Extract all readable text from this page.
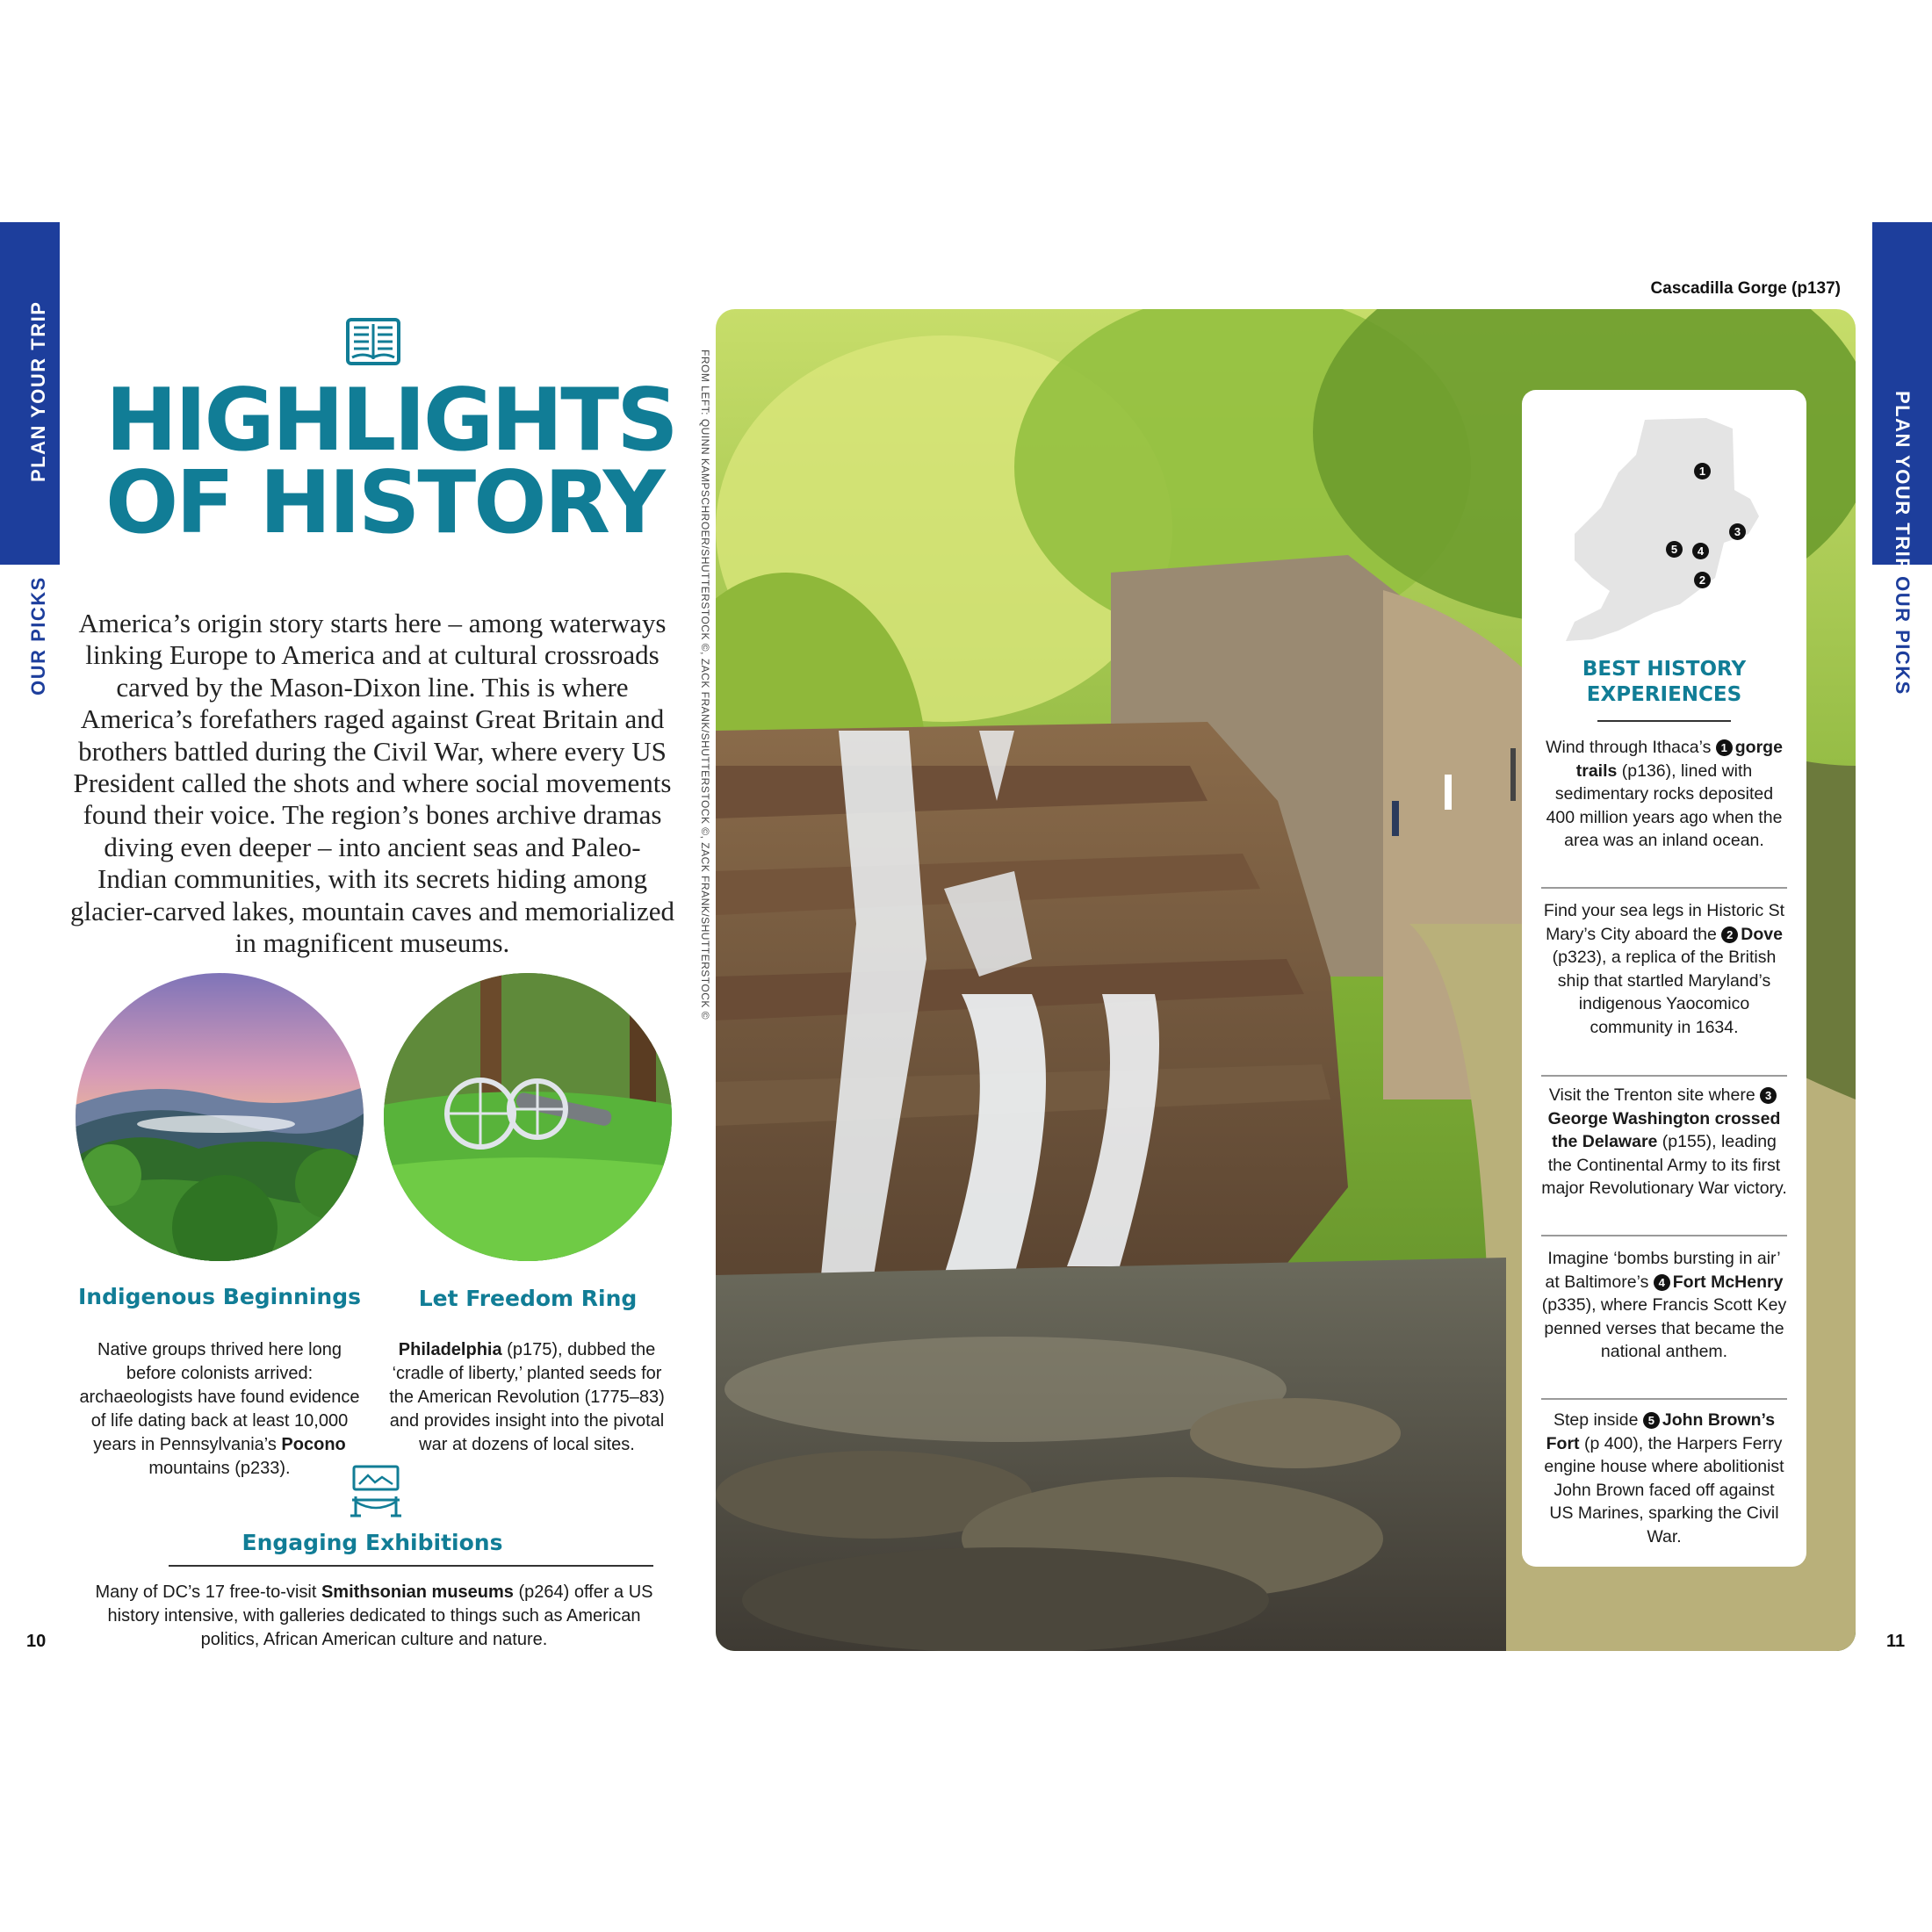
PLAN YOUR TRIP
OUR PICKS
PLAN YOUR TRIP
OUR PICKS
HIGHLIGHTS
OF HISTORY

America’s origin story starts here – among waterways linking Europe to America and at cultural crossroads carved by the Mason-Dixon line. This is where America’s forefathers raged against Great Britain and brothers battled during the Civil War, where every US President called the shots and where social movements found their voice. The region’s bones archive dramas diving even deeper – into ancient seas and Paleo-Indian communities, with its secrets hiding among glacier-carved lakes, mountain caves and memorialized in magnificent museums.

Indigenous Beginnings

Native groups thrived here long before colonists arrived: archaeologists have found evidence of life dating back at least 10,000 years in Pennsylvania’s Pocono mountains (p233).

Let Freedom Ring

Philadelphia (p175), dubbed the ‘cradle of liberty,’ planted seeds for the American Revolution (1775–83) and provides insight into the pivotal war at dozens of local sites.

Engaging Exhibitions

Many of DC’s 17 free-to-visit Smithsonian museums (p264) offer a US history intensive, with galleries dedicated to things such as American politics, African American culture and nature.

10	11
FROM LEFT: QUINN KAMPSCHROER/SHUTTERSTOCK ©, ZACK FRANK/SHUTTERSTOCK ©, ZACK FRANK/SHUTTERSTOCK ©
Cascadilla Gorge (p137)
1
3
5	4
2
BEST HISTORY
EXPERIENCES
Wind through Ithaca’s 1 gorge trails (p136), lined with sedimentary rocks deposited 400 million years ago when the area was an inland ocean.
Find your sea legs in Historic St Mary’s City aboard the 2 Dove (p323), a replica of the British ship that startled Maryland’s indigenous Yaocomico community in 1634.
Visit the Trenton site where 3George Washington crossed the Delaware (p155), leading the Continental Army to its first major Revolutionary War victory.
Imagine ‘bombs bursting in air’ at Baltimore’s 4 Fort McHenry (p335), where Francis Scott Key penned verses that became the national anthem.
Step inside 5 John Brown’s Fort (p 400), the Harpers Ferry engine house where abolitionist John Brown faced off against US Marines, sparking the Civil War.
